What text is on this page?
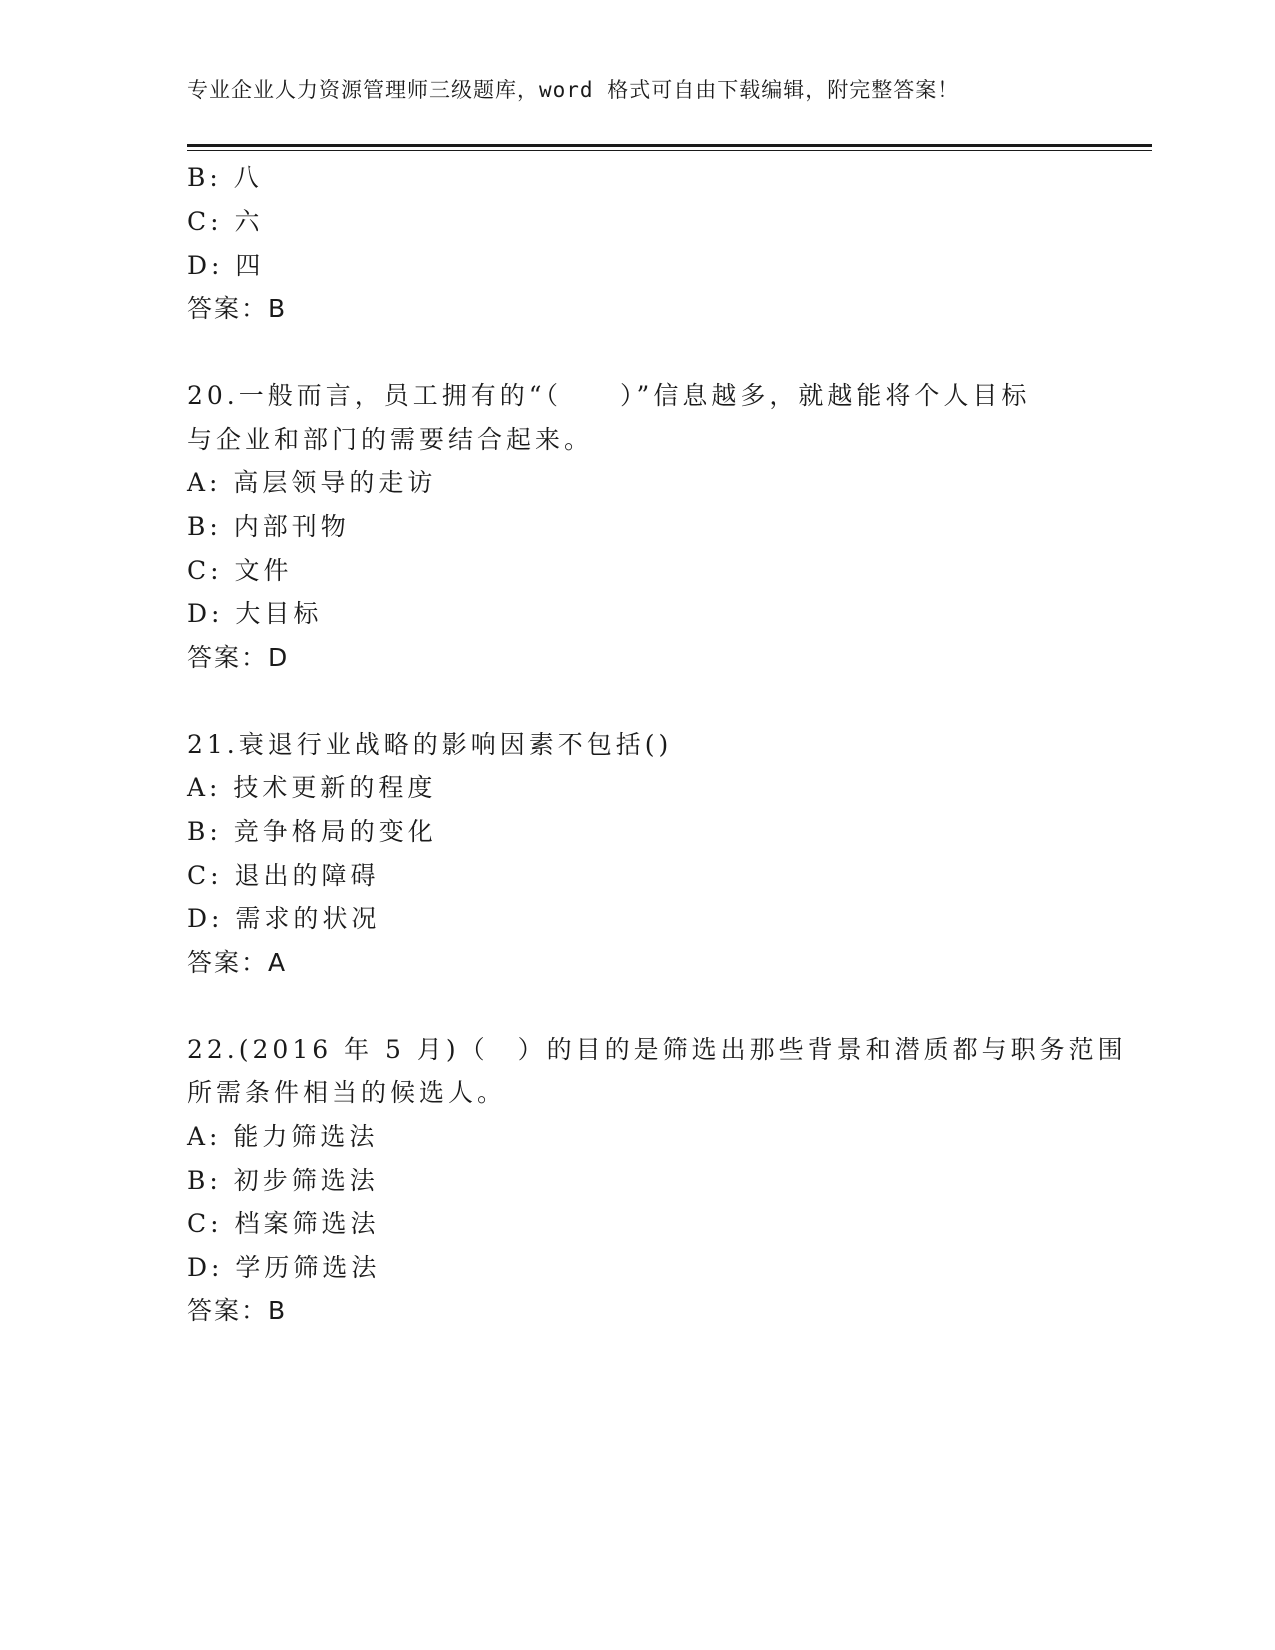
专业企业人力资源管理师三级题库，word 格式可自由下载编辑，附完整答案！
B: 八
C: 六
D: 四
答案：B
20.一般而言，员工拥有的“（　　）”信息越多，就越能将个人目标
与企业和部门的需要结合起来。
A: 高层领导的走访
B: 内部刊物
C: 文件
D: 大目标
答案：D
21.衰退行业战略的影响因素不包括()
A: 技术更新的程度
B: 竞争格局的变化
C: 退出的障碍
D: 需求的状况
答案：A
22.(2016 年 5 月)（　）的目的是筛选出那些背景和潜质都与职务范围
所需条件相当的候选人。
A: 能力筛选法
B: 初步筛选法
C: 档案筛选法
D: 学历筛选法
答案：B
